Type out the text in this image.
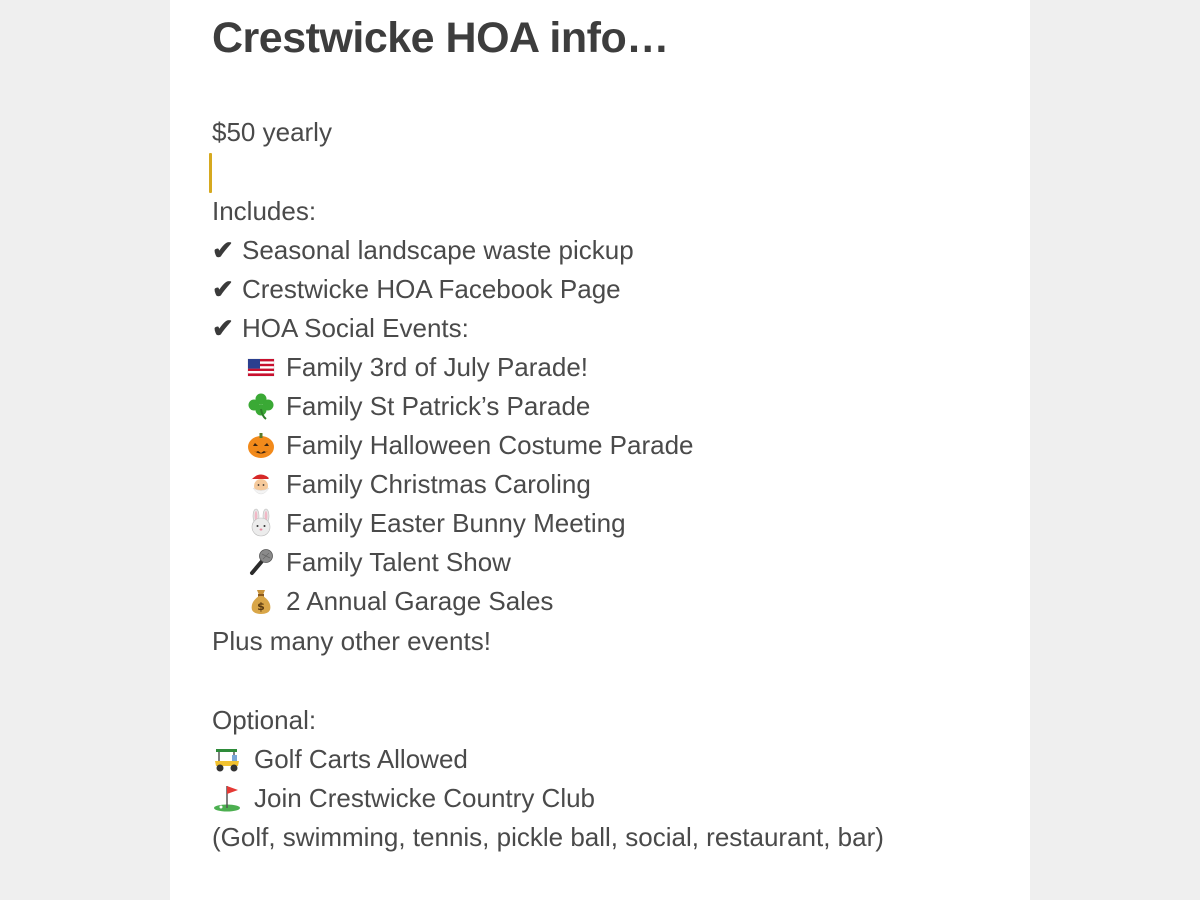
Crestwicke HOA info…
$50 yearly
Includes:
✔ Seasonal landscape waste pickup
✔ Crestwicke HOA Facebook Page
✔ HOA Social Events:
Family 3rd of July Parade!
Family St Patrick’s Parade
Family Halloween Costume Parade
Family Christmas Caroling
Family Easter Bunny Meeting
Family Talent Show
$ 2 Annual Garage Sales
Plus many other events!
Optional:
Golf Carts Allowed
Join Crestwicke Country Club
(Golf, swimming, tennis, pickle ball, social, restaurant, bar)
